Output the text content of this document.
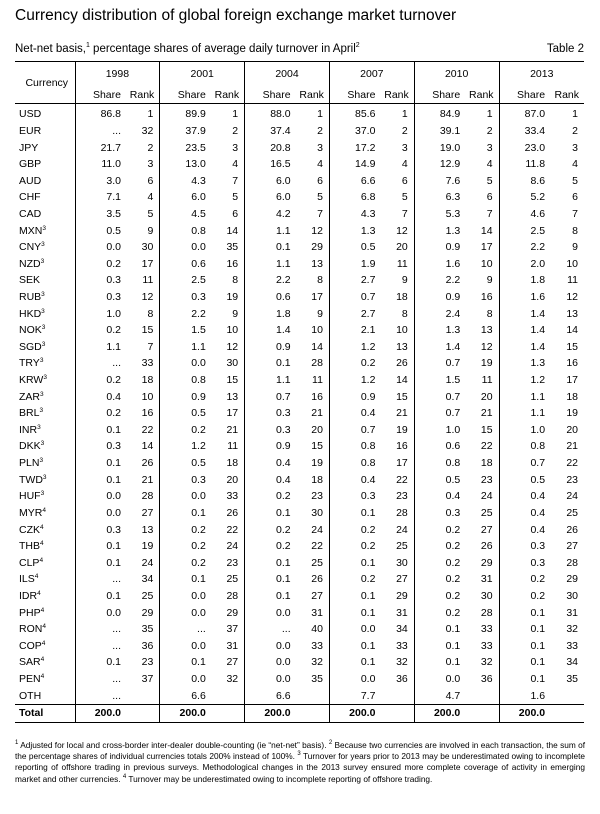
Currency distribution of global foreign exchange market turnover
Net-net basis,$^1$ percentage shares of average daily turnover in April$^2$	Table 2
Currency	1998		2001		2004		2007		2010		2013	
	Share	Rank	Share	Rank	Share	Rank	Share	Rank	Share	Rank	Share	Rank
USD	86.8	1	89.9	1	88.0	1	85.6	1	84.9	1	87.0	1
EUR	...	32	37.9	2	37.4	2	37.0	2	39.1	2	33.4	2
JPY	21.7	2	23.5	3	20.8	3	17.2	3	19.0	3	23.0	3
GBP	11.0	3	13.0	4	16.5	4	14.9	4	12.9	4	11.8	4
AUD	3.0	6	4.3	7	6.0	6	6.6	6	7.6	5	8.6	5
CHF	7.1	4	6.0	5	6.0	5	6.8	5	6.3	6	5.2	6
CAD	3.5	5	4.5	6	4.2	7	4.3	7	5.3	7	4.6	7
MXN$^3$	0.5	9	0.8	14	1.1	12	1.3	12	1.3	14	2.5	8
CNY$^3$	0.0	30	0.0	35	0.1	29	0.5	20	0.9	17	2.2	9
NZD$^3$	0.2	17	0.6	16	1.1	13	1.9	11	1.6	10	2.0	10
SEK	0.3	11	2.5	8	2.2	8	2.7	9	2.2	9	1.8	11
RUB$^3$	0.3	12	0.3	19	0.6	17	0.7	18	0.9	16	1.6	12
HKD$^3$	1.0	8	2.2	9	1.8	9	2.7	8	2.4	8	1.4	13
NOK$^3$	0.2	15	1.5	10	1.4	10	2.1	10	1.3	13	1.4	14
SGD$^3$	1.1	7	1.1	12	0.9	14	1.2	13	1.4	12	1.4	15
TRY$^3$	...	33	0.0	30	0.1	28	0.2	26	0.7	19	1.3	16
KRW$^3$	0.2	18	0.8	15	1.1	11	1.2	14	1.5	11	1.2	17
ZAR$^3$	0.4	10	0.9	13	0.7	16	0.9	15	0.7	20	1.1	18
BRL$^3$	0.2	16	0.5	17	0.3	21	0.4	21	0.7	21	1.1	19
INR$^3$	0.1	22	0.2	21	0.3	20	0.7	19	1.0	15	1.0	20
DKK$^3$	0.3	14	1.2	11	0.9	15	0.8	16	0.6	22	0.8	21
PLN$^3$	0.1	26	0.5	18	0.4	19	0.8	17	0.8	18	0.7	22
TWD$^3$	0.1	21	0.3	20	0.4	18	0.4	22	0.5	23	0.5	23
HUF$^3$	0.0	28	0.0	33	0.2	23	0.3	23	0.4	24	0.4	24
MYR$^4$	0.0	27	0.1	26	0.1	30	0.1	28	0.3	25	0.4	25
CZK$^4$	0.3	13	0.2	22	0.2	24	0.2	24	0.2	27	0.4	26
THB$^4$	0.1	19	0.2	24	0.2	22	0.2	25	0.2	26	0.3	27
CLP$^4$	0.1	24	0.2	23	0.1	25	0.1	30	0.2	29	0.3	28
ILS$^4$	...	34	0.1	25	0.1	26	0.2	27	0.2	31	0.2	29
IDR$^4$	0.1	25	0.0	28	0.1	27	0.1	29	0.2	30	0.2	30
PHP$^4$	0.0	29	0.0	29	0.0	31	0.1	31	0.2	28	0.1	31
RON$^4$	...	35	...	37	...	40	0.0	34	0.1	33	0.1	32
COP$^4$	...	36	0.0	31	0.0	33	0.1	33	0.1	33	0.1	33
SAR$^4$	0.1	23	0.1	27	0.0	32	0.1	32	0.1	32	0.1	34
PEN$^4$	...	37	0.0	32	0.0	35	0.0	36	0.0	36	0.1	35
OTH	...		6.6		6.6		7.7		4.7		1.6	
Total	200.0		200.0		200.0		200.0		200.0		200.0	
$^1$ Adjusted for local and cross-border inter-dealer double-counting (ie “net-net” basis). $^2$ Because two currencies are involved in each transaction, the sum of the percentage shares of individual currencies totals 200% instead of 100%. $^3$ Turnover for years prior to 2013 may be underestimated owing to incomplete reporting of offshore trading in previous surveys. Methodological changes in the 2013 survey ensured more complete coverage of activity in emerging market and other currencies. $^4$ Turnover may be underestimated owing to incomplete reporting of offshore trading.
